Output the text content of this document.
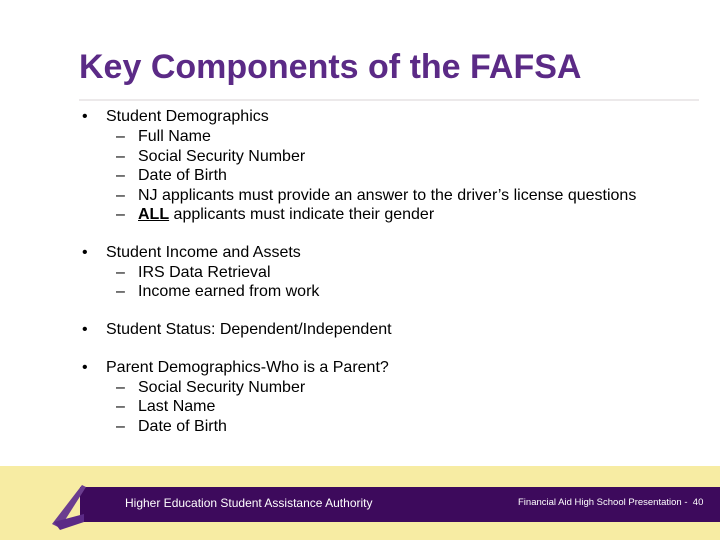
Key Components of the FAFSA
• Student Demographics
– Full Name
– Social Security Number
– Date of Birth
– NJ applicants must provide an answer to the driver’s license questions
– ALL applicants must indicate their gender
• Student Income and Assets
– IRS Data Retrieval
– Income earned from work
• Student Status: Dependent/Independent
• Parent Demographics-Who is a Parent?
– Social Security Number
– Last Name
– Date of Birth
Higher Education Student Assistance Authority	Financial Aid High School Presentation - 40
